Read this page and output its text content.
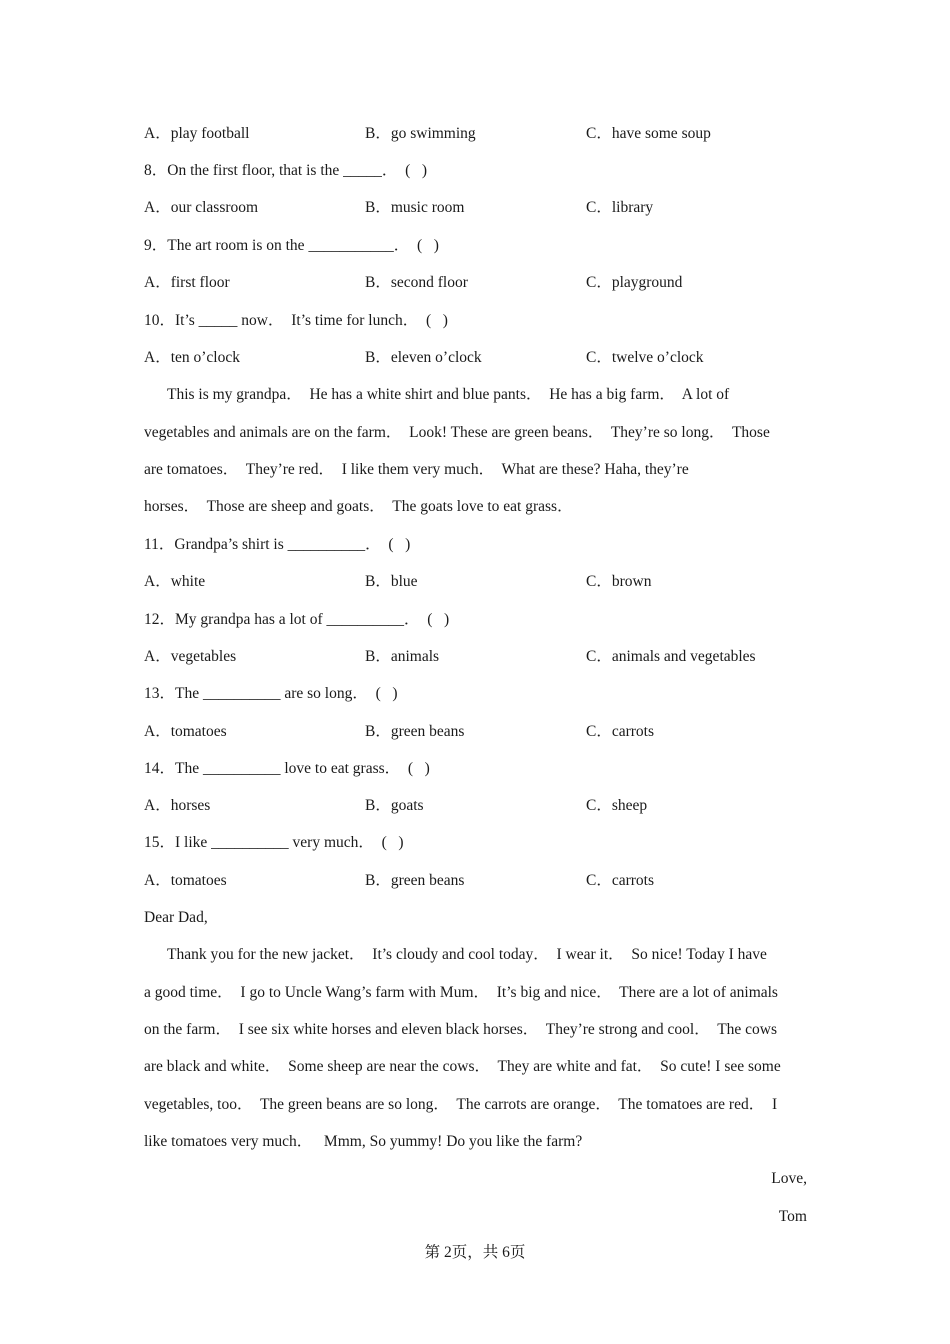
A．play football	B．go swimming	C．have some soup
8．On the first floor, that is the _____．  (   )
A．our classroom	B．music room	C．library
9．The art room is on the ___________．  (   )
A．first floor	B．second floor	C．playground
10．It’s _____ now．  It’s time for lunch．  (   )
A．ten o’clock	B．eleven o’clock	C．twelve o’clock
This is my grandpa．  He has a white shirt and blue pants．  He has a big farm．  A lot of
vegetables and animals are on the farm．  Look! These are green beans．  They’re so long．  Those
are tomatoes．  They’re red．  I like them very much．  What are these? Haha, they’re
horses．  Those are sheep and goats．  The goats love to eat grass．
11．Grandpa’s shirt is __________．  (   )
A．white	B．blue	C．brown
12．My grandpa has a lot of __________．  (   )
A．vegetables	B．animals	C．animals and vegetables
13．The __________ are so long．  (   )
A．tomatoes	B．green beans	C．carrots
14．The __________ love to eat grass．  (   )
A．horses	B．goats	C．sheep
15．I like __________ very much．  (   )
A．tomatoes	B．green beans	C．carrots
Dear Dad,
Thank you for the new jacket．  It’s cloudy and cool today．  I wear it．  So nice! Today I have
a good time．  I go to Uncle Wang’s farm with Mum．  It’s big and nice．  There are a lot of animals
on the farm．  I see six white horses and eleven black horses．  They’re strong and cool．  The cows
are black and white．  Some sheep are near the cows．  They are white and fat．  So cute! I see some
vegetables, too．  The green beans are so long．  The carrots are orange．  The tomatoes are red．  I
like tomatoes very much．   Mmm, So yummy! Do you like the farm?
Love,
Tom
第 2页，共 6页
